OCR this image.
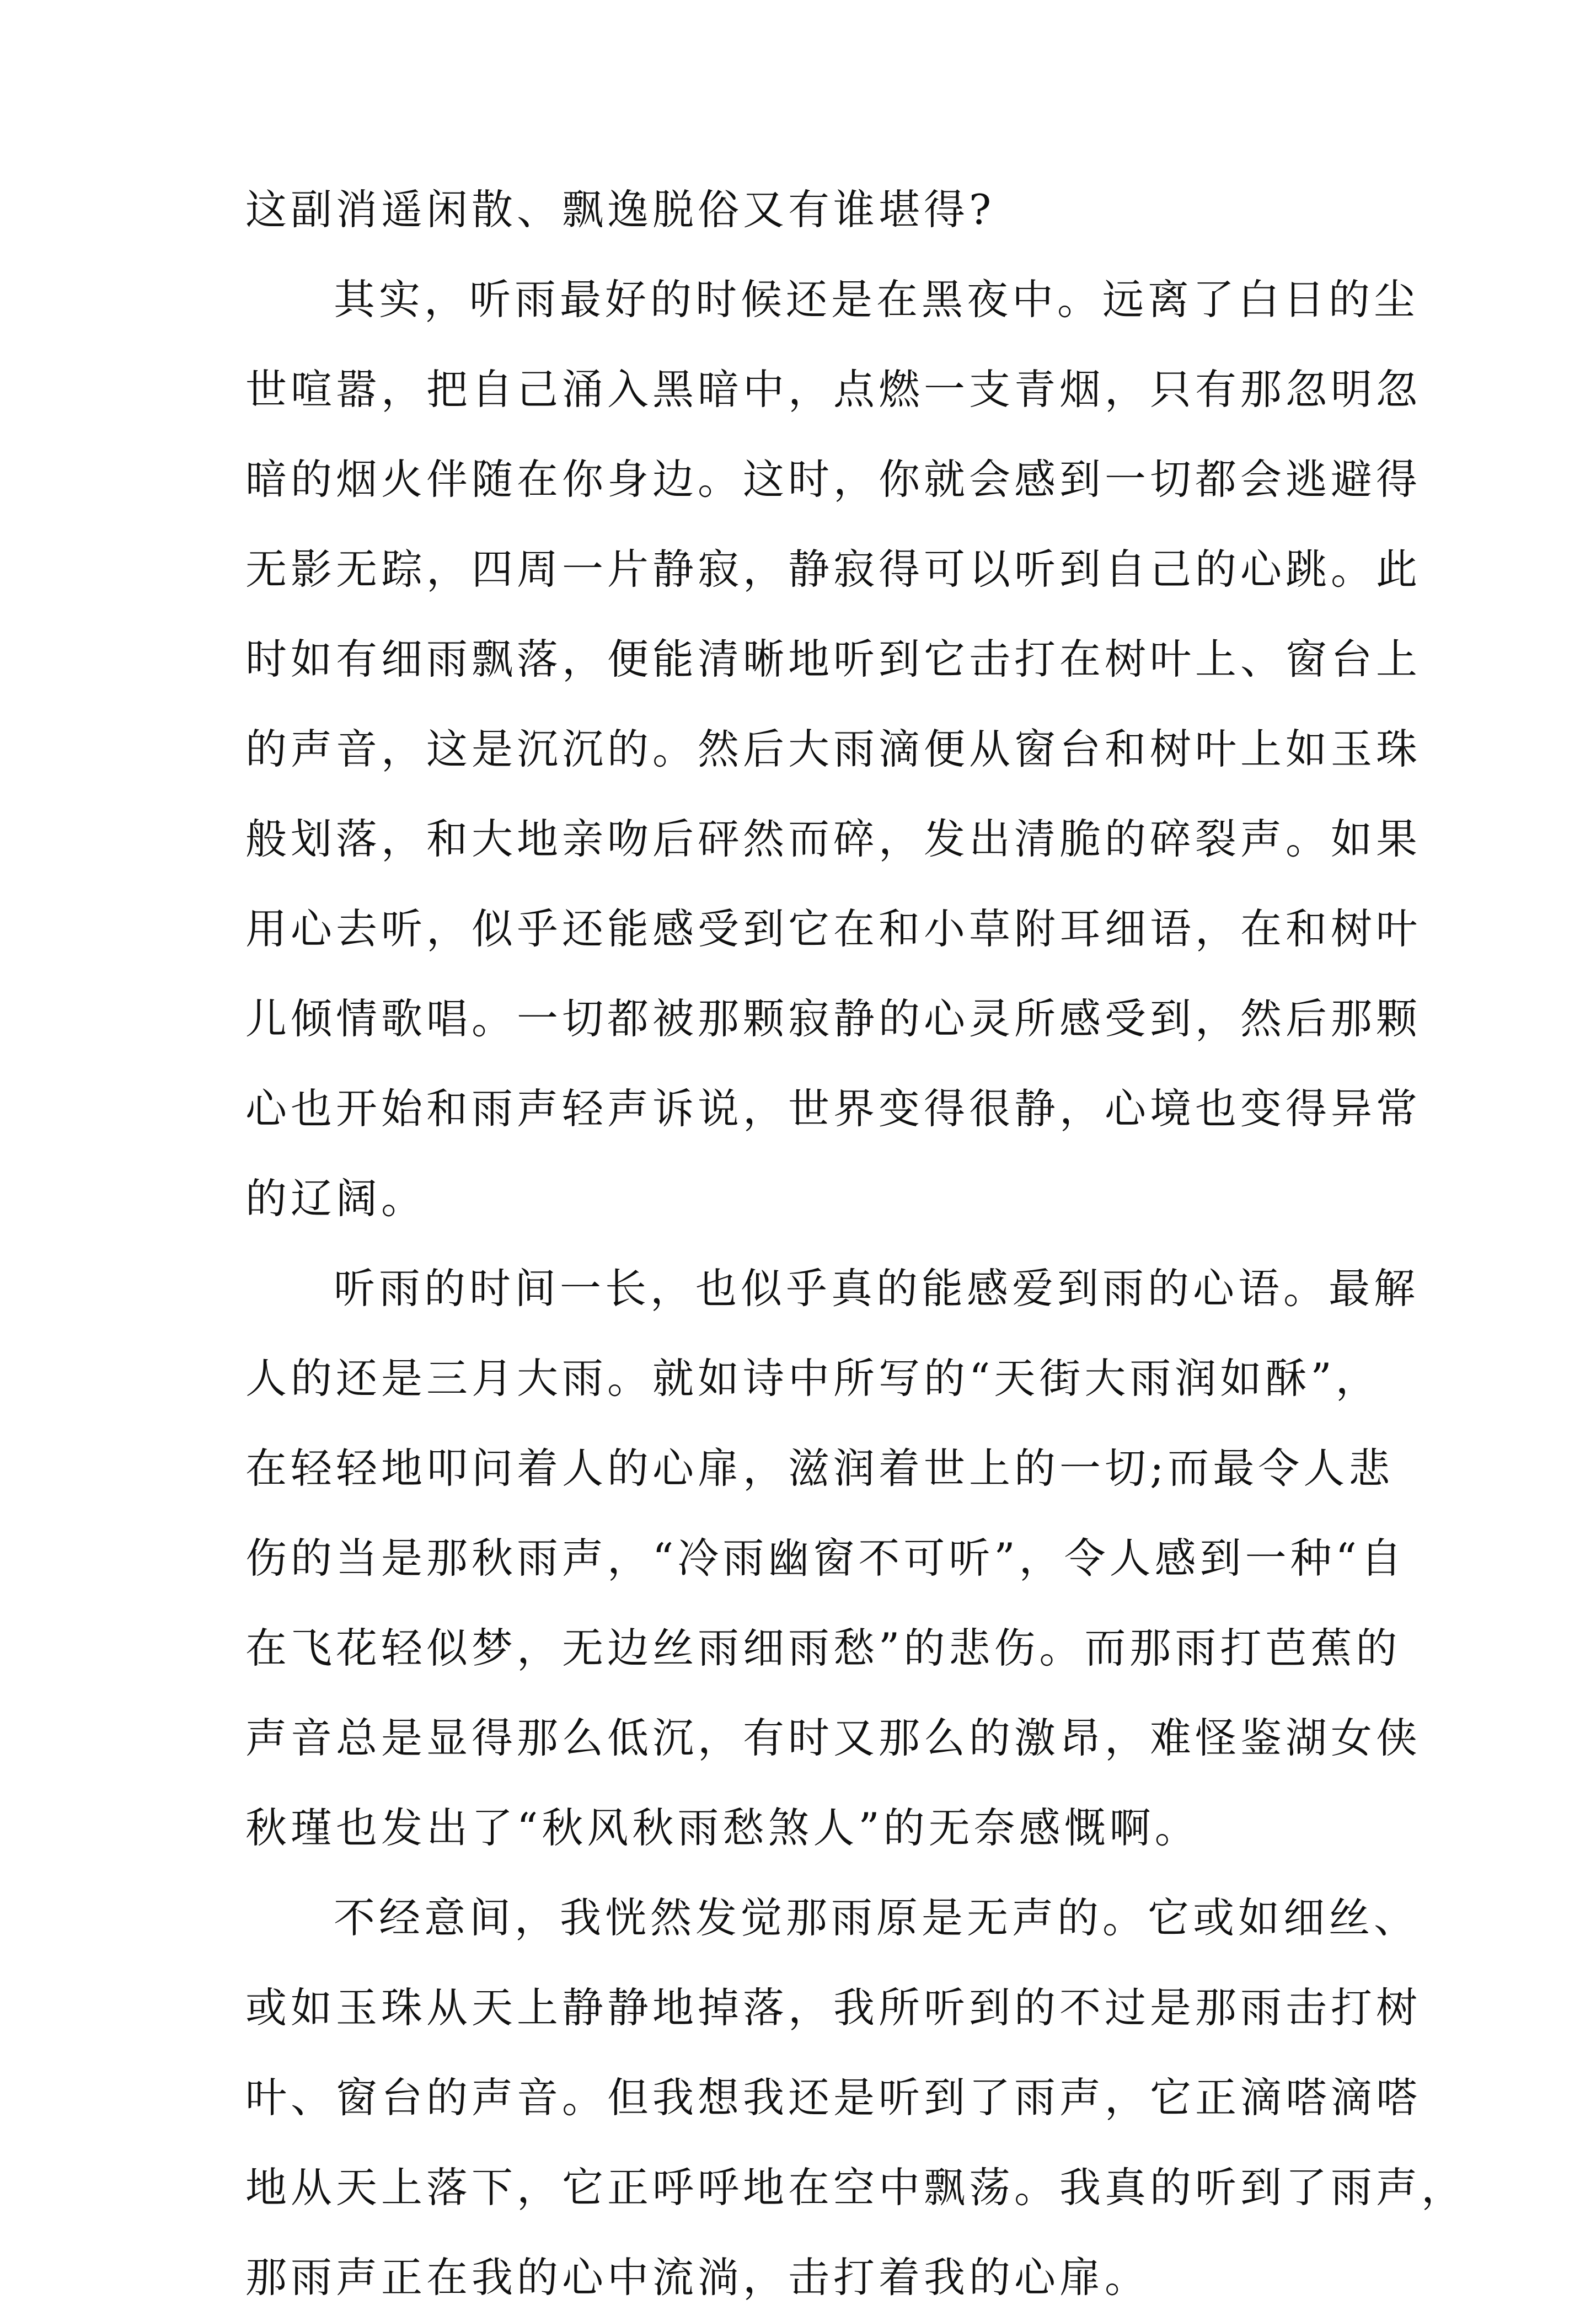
这副消遥闲散、飘逸脱俗又有谁堪得?
其实，听雨最好的时候还是在黑夜中。远离了白日的尘
世喧嚣，把自己涌入黑暗中，点燃一支青烟，只有那忽明忽
暗的烟火伴随在你身边。这时，你就会感到一切都会逃避得
无影无踪，四周一片静寂，静寂得可以听到自己的心跳。此
时如有细雨飘落，便能清晰地听到它击打在树叶上、窗台上
的声音，这是沉沉的。然后大雨滴便从窗台和树叶上如玉珠
般划落，和大地亲吻后砰然而碎，发出清脆的碎裂声。如果
用心去听，似乎还能感受到它在和小草附耳细语，在和树叶
儿倾情歌唱。一切都被那颗寂静的心灵所感受到，然后那颗
心也开始和雨声轻声诉说，世界变得很静，心境也变得异常
的辽阔。
听雨的时间一长，也似乎真的能感爱到雨的心语。最解
人的还是三月大雨。就如诗中所写的“天街大雨润如酥”，
在轻轻地叩问着人的心扉，滋润着世上的一切;而最令人悲
伤的当是那秋雨声，“冷雨幽窗不可听”，令人感到一种“自
在飞花轻似梦，无边丝雨细雨愁”的悲伤。而那雨打芭蕉的
声音总是显得那么低沉，有时又那么的激昂，难怪鉴湖女侠
秋瑾也发出了“秋风秋雨愁煞人”的无奈感慨啊。
不经意间，我恍然发觉那雨原是无声的。它或如细丝、
或如玉珠从天上静静地掉落，我所听到的不过是那雨击打树
叶、窗台的声音。但我想我还是听到了雨声，它正滴嗒滴嗒
地从天上落下，它正呼呼地在空中飘荡。我真的听到了雨声，
那雨声正在我的心中流淌，击打着我的心扉。
